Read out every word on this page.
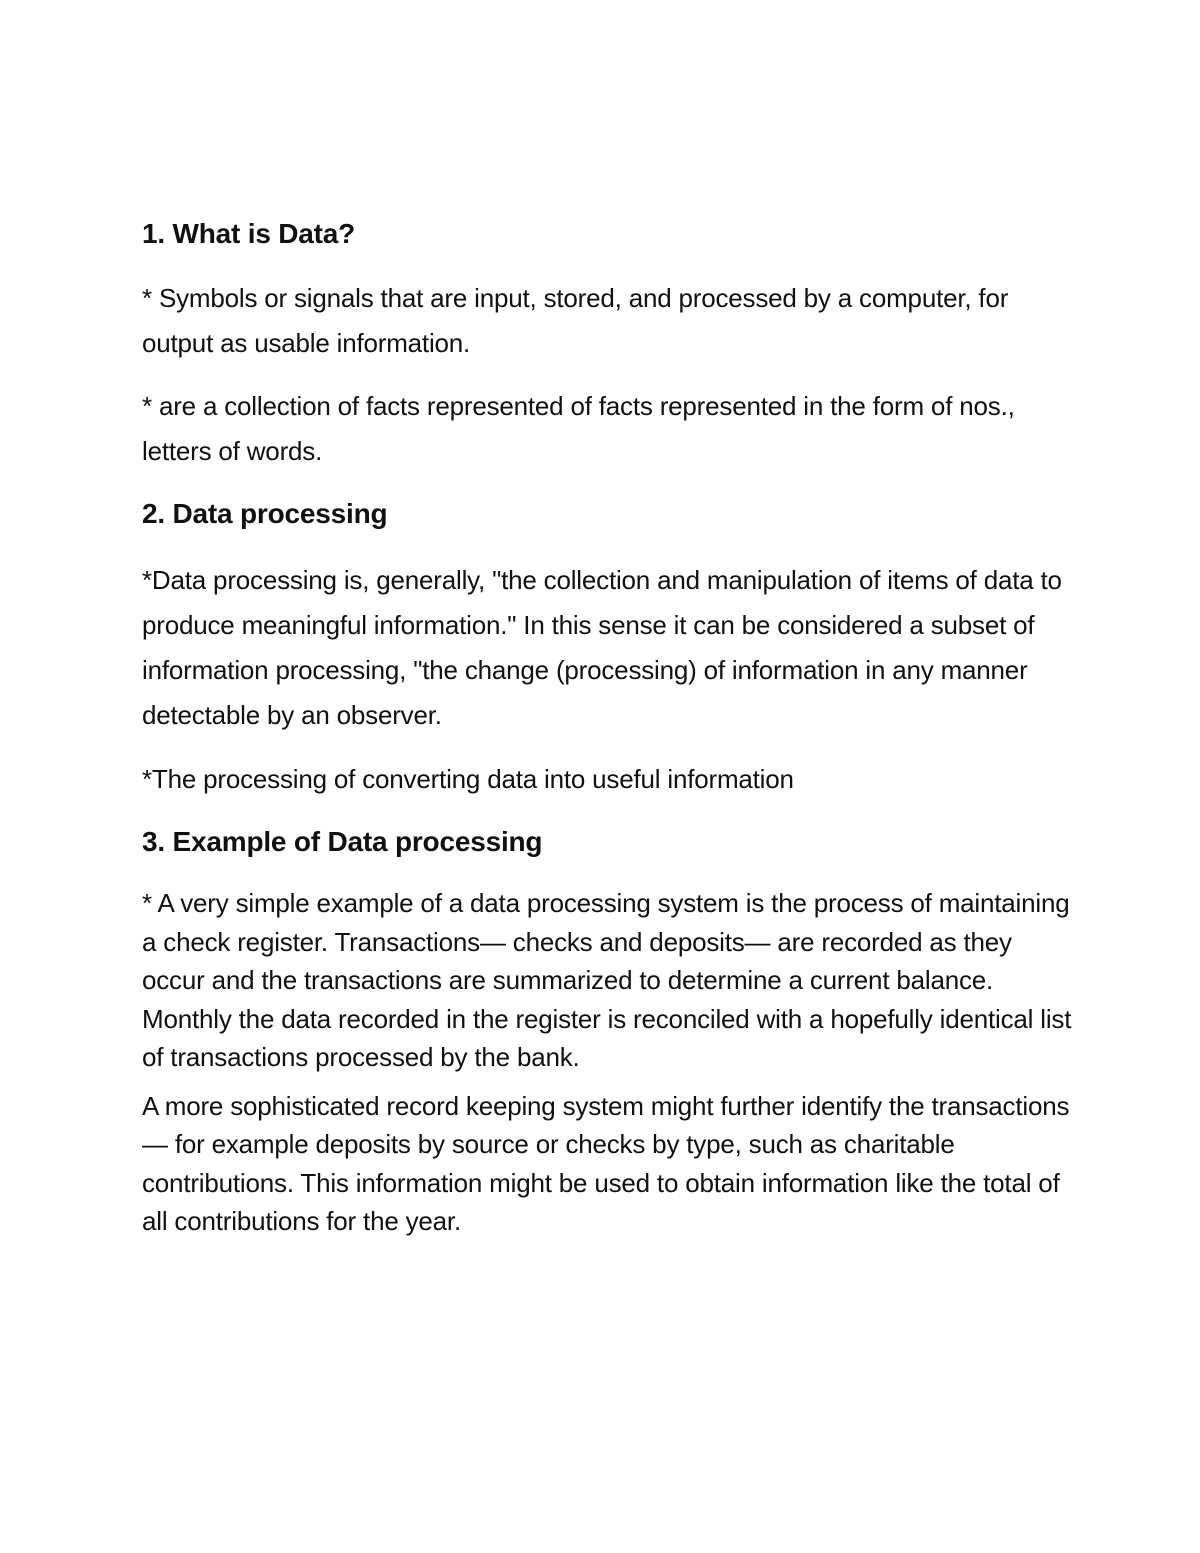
1. What is Data?

* Symbols or signals that are input, stored, and processed by a computer, for output as usable information.

* are a collection of facts represented of facts represented in the form of nos., letters of words.

2. Data processing

*Data processing is, generally, "the collection and manipulation of items of data to produce meaningful information." In this sense it can be considered a subset of information processing, "the change (processing) of information in any manner detectable by an observer.

*The processing of converting data into useful information

3. Example of Data processing

* A very simple example of a data processing system is the process of maintaining a check register. Transactions— checks and deposits— are recorded as they occur and the transactions are summarized to determine a current balance. Monthly the data recorded in the register is reconciled with a hopefully identical list of transactions processed by the bank.

A more sophisticated record keeping system might further identify the transactions— for example deposits by source or checks by type, such as charitable contributions. This information might be used to obtain information like the total of all contributions for the year.
